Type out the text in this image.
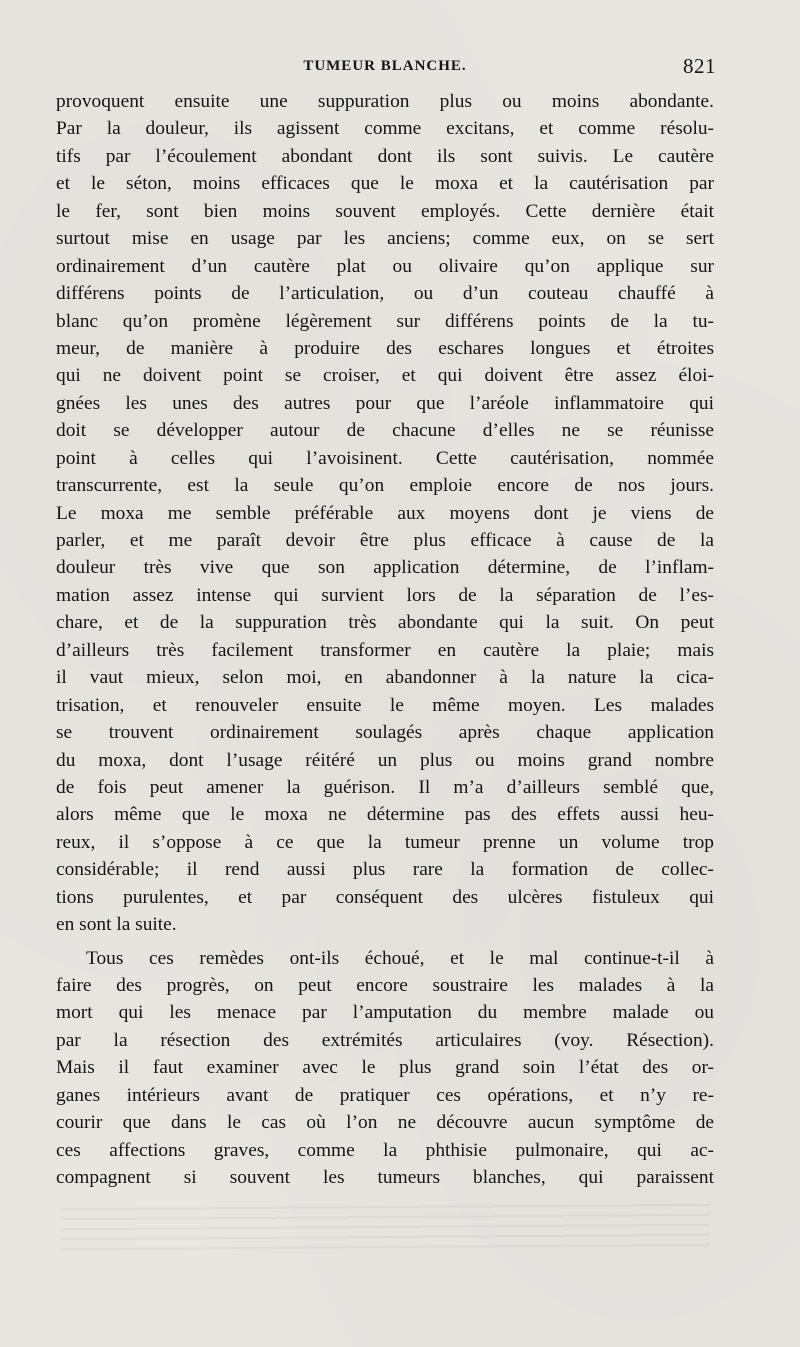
TUMEUR BLANCHE.	821
provoquent ensuite une suppuration plus ou moins abondante.
Par la douleur, ils agissent comme excitans, et comme résolu-
tifs par l’écoulement abondant dont ils sont suivis. Le cautère
et le séton, moins efficaces que le moxa et la cautérisation par
le fer, sont bien moins souvent employés. Cette dernière était
surtout mise en usage par les anciens; comme eux, on se sert
ordinairement d’un cautère plat ou olivaire qu’on applique sur
différens points de l’articulation, ou d’un couteau chauffé à
blanc qu’on promène légèrement sur différens points de la tu-
meur, de manière à produire des eschares longues et étroites
qui ne doivent point se croiser, et qui doivent être assez éloi-
gnées les unes des autres pour que l’aréole inflammatoire qui
doit se développer autour de chacune d’elles ne se réunisse
point à celles qui l’avoisinent. Cette cautérisation, nommée
transcurrente, est la seule qu’on emploie encore de nos jours.
Le moxa me semble préférable aux moyens dont je viens de
parler, et me paraît devoir être plus efficace à cause de la
douleur très vive que son application détermine, de l’inflam-
mation assez intense qui survient lors de la séparation de l’es-
chare, et de la suppuration très abondante qui la suit. On peut
d’ailleurs très facilement transformer en cautère la plaie; mais
il vaut mieux, selon moi, en abandonner à la nature la cica-
trisation, et renouveler ensuite le même moyen. Les malades
se trouvent ordinairement soulagés après chaque application
du moxa, dont l’usage réitéré un plus ou moins grand nombre
de fois peut amener la guérison. Il m’a d’ailleurs semblé que,
alors même que le moxa ne détermine pas des effets aussi heu-
reux, il s’oppose à ce que la tumeur prenne un volume trop
considérable; il rend aussi plus rare la formation de collec-
tions purulentes, et par conséquent des ulcères fistuleux qui
en sont la suite.
Tous ces remèdes ont-ils échoué, et le mal continue-t-il à
faire des progrès, on peut encore soustraire les malades à la
mort qui les menace par l’amputation du membre malade ou
par la résection des extrémités articulaires (voy. Résection).
Mais il faut examiner avec le plus grand soin l’état des or-
ganes intérieurs avant de pratiquer ces opérations, et n’y re-
courir que dans le cas où l’on ne découvre aucun symptôme de
ces affections graves, comme la phthisie pulmonaire, qui ac-
compagnent si souvent les tumeurs blanches, qui paraissent
